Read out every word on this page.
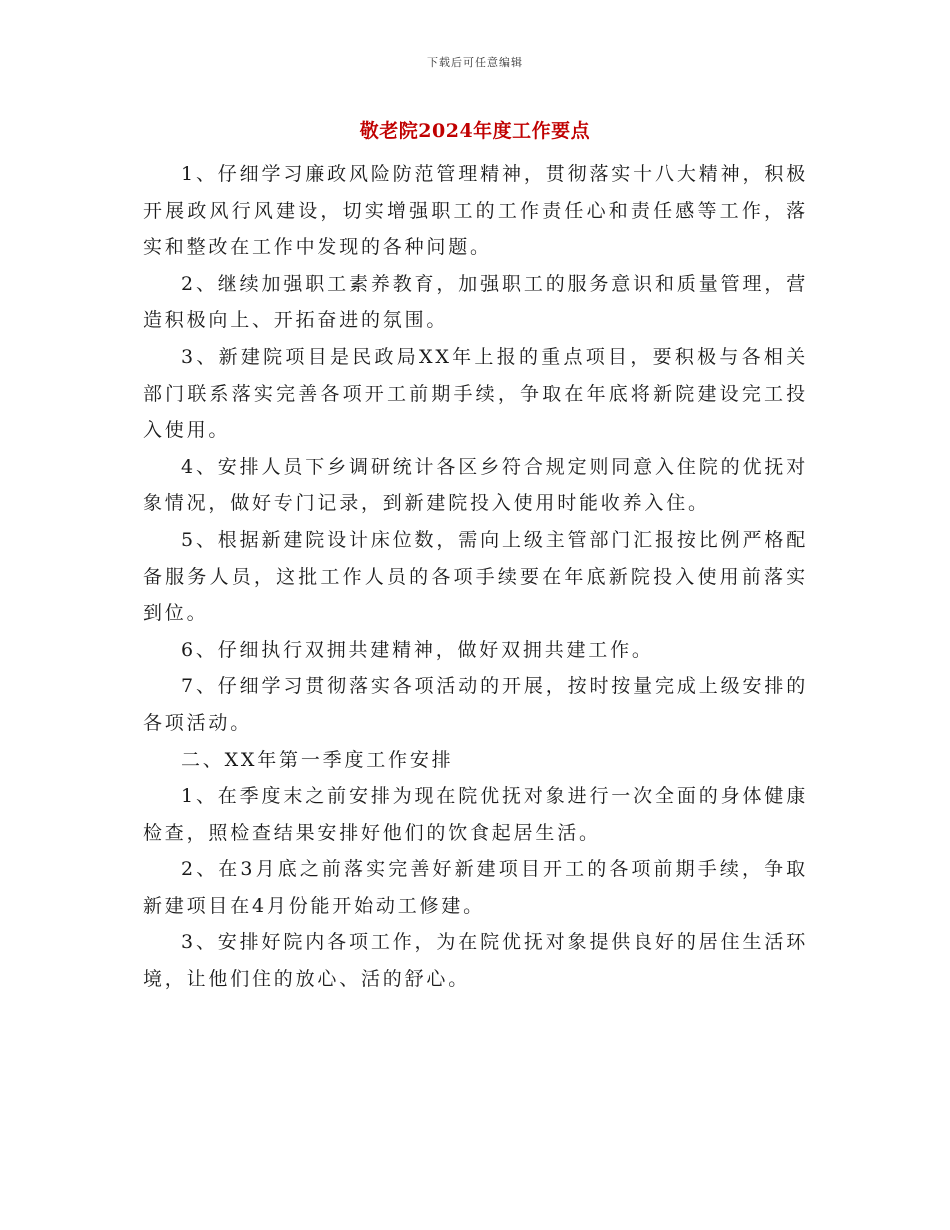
下载后可任意编辑
敬老院2024年度工作要点

1、仔细学习廉政风险防范管理精神，贯彻落实十八大精神，积极开展政风行风建设，切实增强职工的工作责任心和责任感等工作，落实和整改在工作中发现的各种问题。

2、继续加强职工素养教育，加强职工的服务意识和质量管理，营造积极向上、开拓奋进的氛围。

3、新建院项目是民政局XX年上报的重点项目，要积极与各相关部门联系落实完善各项开工前期手续，争取在年底将新院建设完工投入使用。

4、安排人员下乡调研统计各区乡符合规定则同意入住院的优抚对象情况，做好专门记录，到新建院投入使用时能收养入住。

5、根据新建院设计床位数，需向上级主管部门汇报按比例严格配备服务人员，这批工作人员的各项手续要在年底新院投入使用前落实到位。

6、仔细执行双拥共建精神，做好双拥共建工作。

7、仔细学习贯彻落实各项活动的开展，按时按量完成上级安排的各项活动。

二、XX年第一季度工作安排

1、在季度末之前安排为现在院优抚对象进行一次全面的身体健康检查，照检查结果安排好他们的饮食起居生活。

2、在3月底之前落实完善好新建项目开工的各项前期手续，争取新建项目在4月份能开始动工修建。

3、安排好院内各项工作，为在院优抚对象提供良好的居住生活环境，让他们住的放心、活的舒心。
